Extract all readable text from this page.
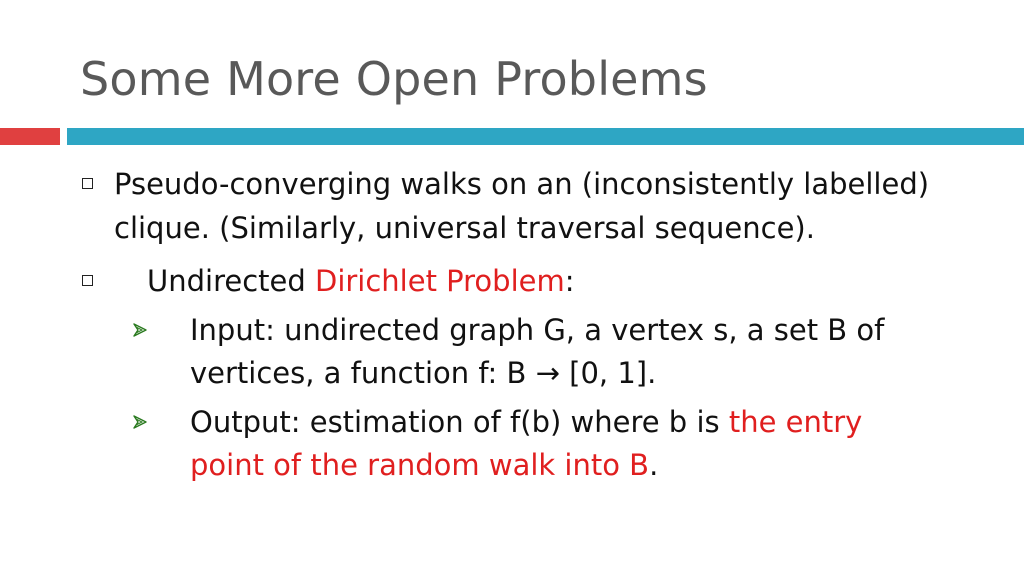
Some More Open Problems
Pseudo-converging walks on an (inconsistently labelled)
clique. (Similarly, universal traversal sequence).
Undirected Dirichlet Problem:
Input: undirected graph G, a vertex s, a set B of
vertices, a function f: B → [0, 1].
Output: estimation of f(b) where b is the entry
point of the random walk into B.
